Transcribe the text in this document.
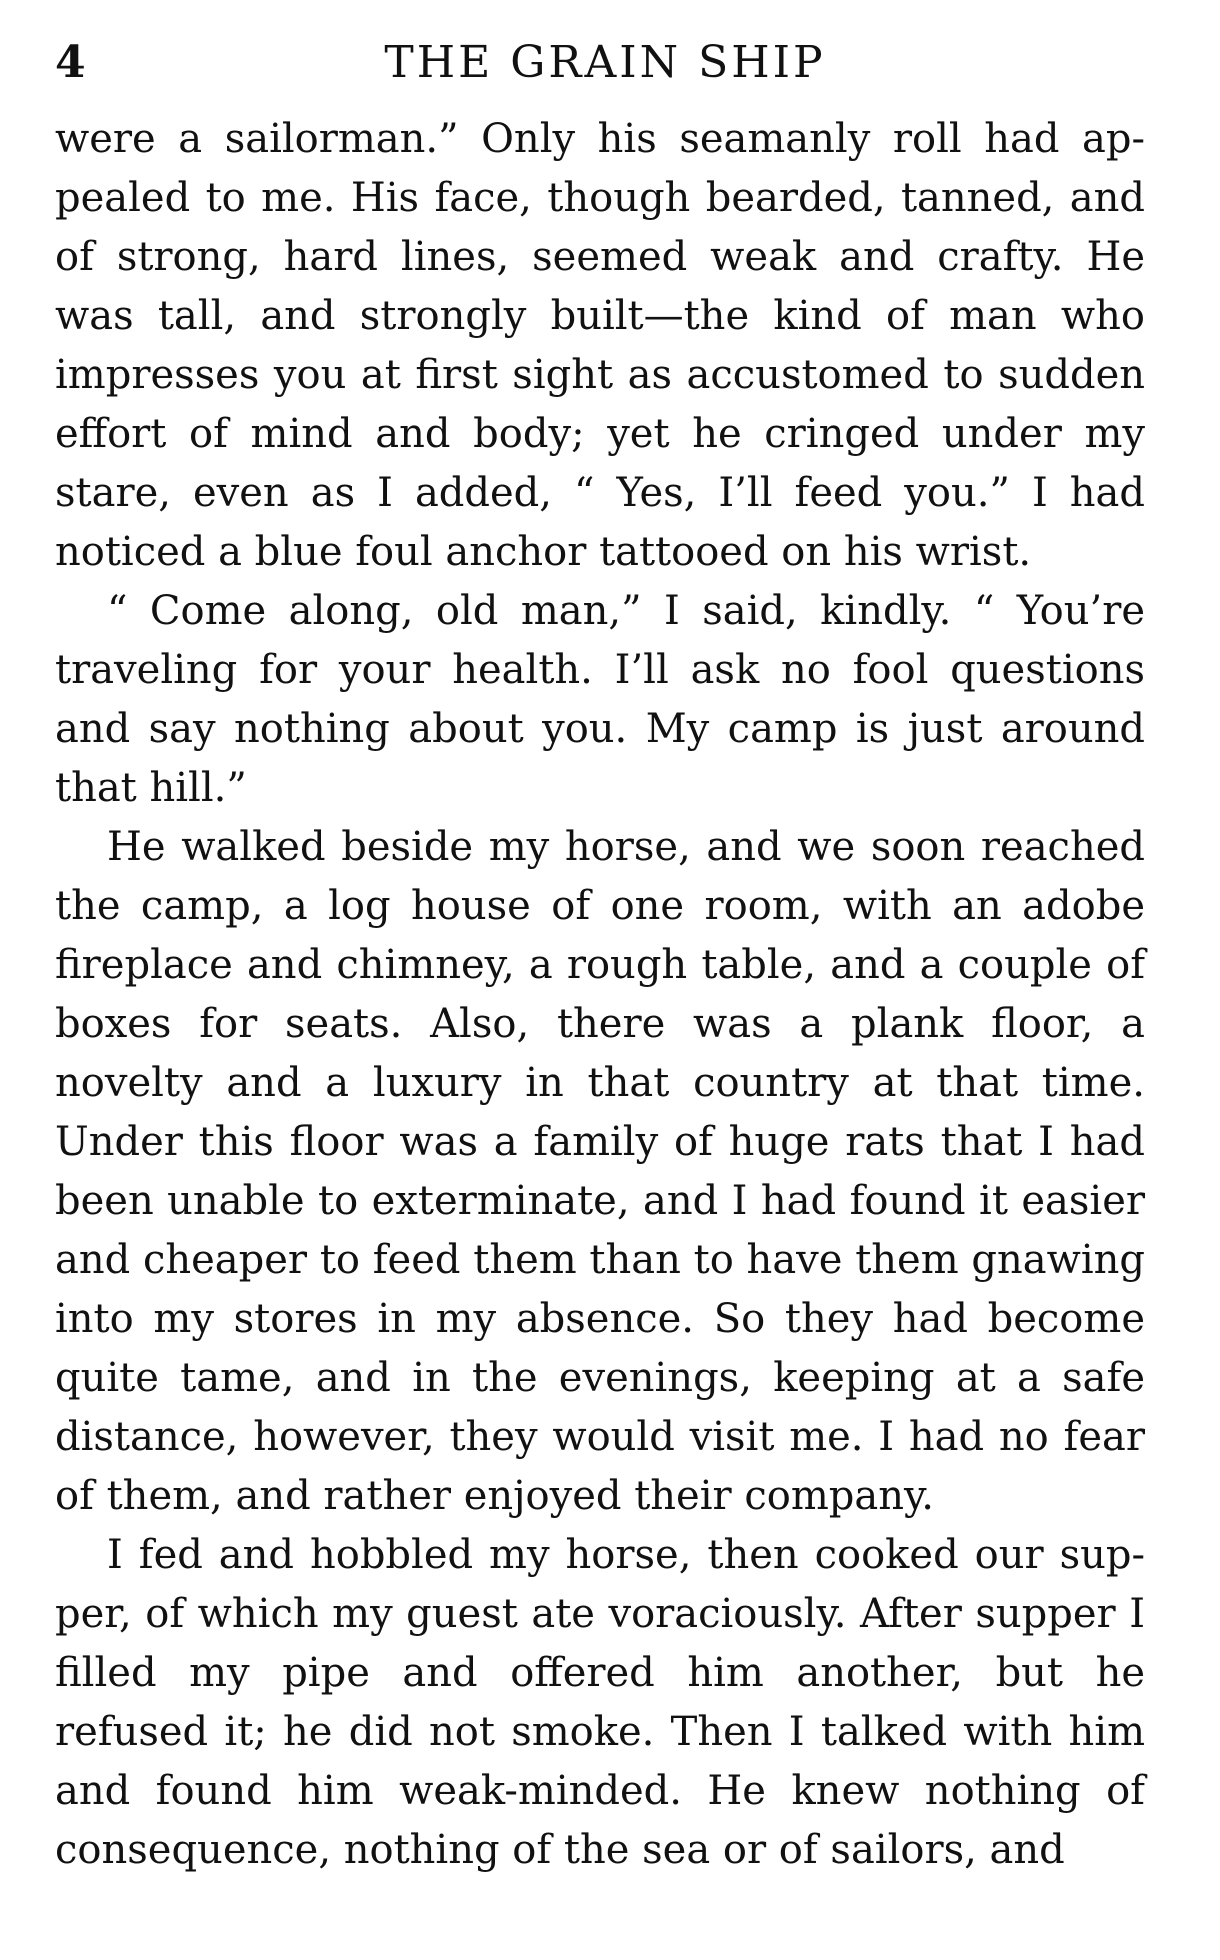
4	THE GRAIN SHIP

were a sailorman.” Only his seamanly roll had appealed to me. His face, though bearded, tanned, and of strong, hard lines, seemed weak and crafty. He was tall, and strongly built—the kind of man who impresses you at first sight as accustomed to sudden effort of mind and body; yet he cringed under my stare, even as I added, “ Yes, I’ll feed you.” I had noticed a blue foul anchor tattooed on his wrist.

“ Come along, old man,” I said, kindly. “ You’re traveling for your health. I’ll ask no fool questions and say nothing about you. My camp is just around that hill.”

He walked beside my horse, and we soon reached the camp, a log house of one room, with an adobe fireplace and chimney, a rough table, and a couple of boxes for seats. Also, there was a plank floor, a novelty and a luxury in that country at that time. Under this floor was a family of huge rats that I had been unable to exterminate, and I had found it easier and cheaper to feed them than to have them gnawing into my stores in my absence. So they had become quite tame, and in the evenings, keeping at a safe distance, however, they would visit me. I had no fear of them, and rather enjoyed their company.

I fed and hobbled my horse, then cooked our supper, of which my guest ate voraciously. After supper I filled my pipe and offered him another, but he refused it; he did not smoke. Then I talked with him and found him weak-minded. He knew nothing of consequence, nothing of the sea or of sailors, and
